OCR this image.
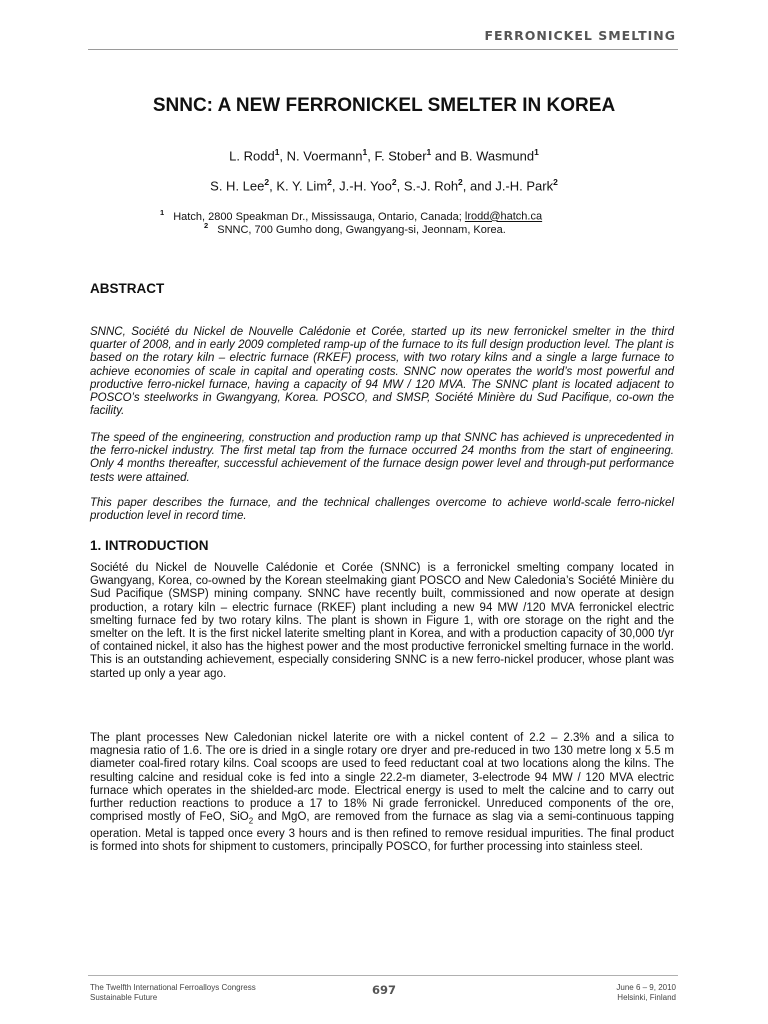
FERRONICKEL SMELTING
SNNC: A NEW FERRONICKEL SMELTER IN KOREA
L. Rodd$^1$, N. Voermann$^1$, F. Stober$^1$ and B. Wasmund$^1$
S. H. Lee$^2$, K. Y. Lim$^2$, J.-H. Yoo$^2$, S.-J. Roh$^2$, and J.-H. Park$^2$
$^1$ Hatch, 2800 Speakman Dr., Mississauga, Ontario, Canada; lrodd@hatch.ca
$^2$ SNNC, 700 Gumho dong, Gwangyang-si, Jeonnam, Korea.
ABSTRACT

SNNC, Société du Nickel de Nouvelle Calédonie et Corée, started up its new ferronickel smelter in the third quarter of 2008, and in early 2009 completed ramp-up of the furnace to its full design production level. The plant is based on the rotary kiln – electric furnace (RKEF) process, with two rotary kilns and a single a large furnace to achieve economies of scale in capital and operating costs. SNNC now operates the world’s most powerful and productive ferro-nickel furnace, having a capacity of 94 MW / 120 MVA. The SNNC plant is located adjacent to POSCO’s steelworks in Gwangyang, Korea. POSCO, and SMSP, Société Minière du Sud Pacifique, co-own the facility.

The speed of the engineering, construction and production ramp up that SNNC has achieved is unprecedented in the ferro-nickel industry. The first metal tap from the furnace occurred 24 months from the start of engineering. Only 4 months thereafter, successful achievement of the furnace design power level and through-put performance tests were attained.

This paper describes the furnace, and the technical challenges overcome to achieve world-scale ferro-nickel production level in record time.

1. INTRODUCTION

Société du Nickel de Nouvelle Calédonie et Corée (SNNC) is a ferronickel smelting company located in Gwangyang, Korea, co-owned by the Korean steelmaking giant POSCO and New Caledonia’s Société Minière du Sud Pacifique (SMSP) mining company. SNNC have recently built, commissioned and now operate at design production, a rotary kiln – electric furnace (RKEF) plant including a new 94 MW /120 MVA ferronickel electric smelting furnace fed by two rotary kilns. The plant is shown in Figure 1, with ore storage on the right and the smelter on the left. It is the first nickel laterite smelting plant in Korea, and with a production capacity of 30,000 t/yr of contained nickel, it also has the highest power and the most productive ferronickel smelting furnace in the world. This is an outstanding achievement, especially considering SNNC is a new ferro-nickel producer, whose plant was started up only a year ago.

The plant processes New Caledonian nickel laterite ore with a nickel content of 2.2 – 2.3% and a silica to magnesia ratio of 1.6. The ore is dried in a single rotary ore dryer and pre-reduced in two 130 metre long x 5.5 m diameter coal-fired rotary kilns. Coal scoops are used to feed reductant coal at two locations along the kilns. The resulting calcine and residual coke is fed into a single 22.2-m diameter, 3-electrode 94 MW / 120 MVA electric furnace which operates in the shielded-arc mode. Electrical energy is used to melt the calcine and to carry out further reduction reactions to produce a 17 to 18% Ni grade ferronickel. Unreduced components of the ore, comprised mostly of FeO, SiO$_2$ and MgO, are removed from the furnace as slag via a semi-continuous tapping operation. Metal is tapped once every 3 hours and is then refined to remove residual impurities. The final product is formed into shots for shipment to customers, principally POSCO, for further processing into stainless steel.

The Twelfth International Ferroalloys Congress
Sustainable Future
697	June 6 – 9, 2010
Helsinki, Finland
